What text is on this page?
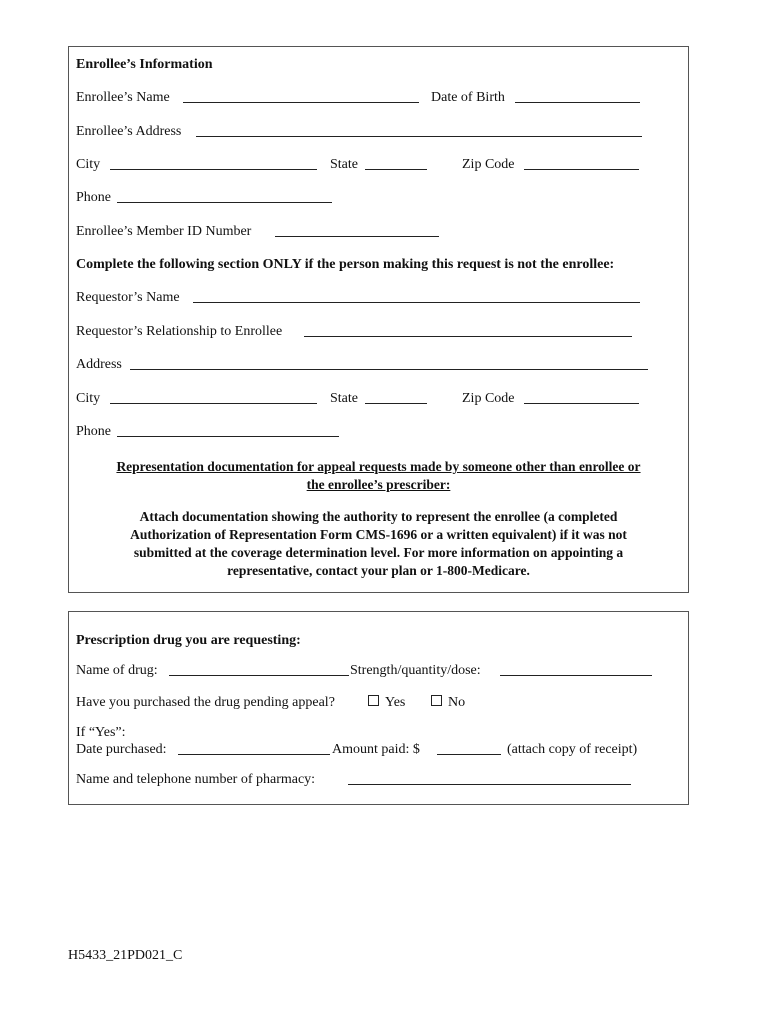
Enrollee’s Information
Enrollee’s Name	Date of Birth
Enrollee’s Address
City	State	Zip Code
Phone
Enrollee’s Member ID Number
Complete the following section ONLY if the person making this request is not the enrollee:
Requestor’s Name
Requestor’s Relationship to Enrollee
Address
City	State	Zip Code
Phone
Representation documentation for appeal requests made by someone other than enrollee or
the enrollee’s prescriber:
Attach documentation showing the authority to represent the enrollee (a completed
Authorization of Representation Form CMS-1696 or a written equivalent) if it was not
submitted at the coverage determination level. For more information on appointing a
representative, contact your plan or 1-800-Medicare.
Prescription drug you are requesting:
Name of drug:	Strength/quantity/dose:
Have you purchased the drug pending appeal?	Yes	No
If “Yes”:
Date purchased:	Amount paid: $	(attach copy of receipt)
Name and telephone number of pharmacy:
H5433_21PD021_C
